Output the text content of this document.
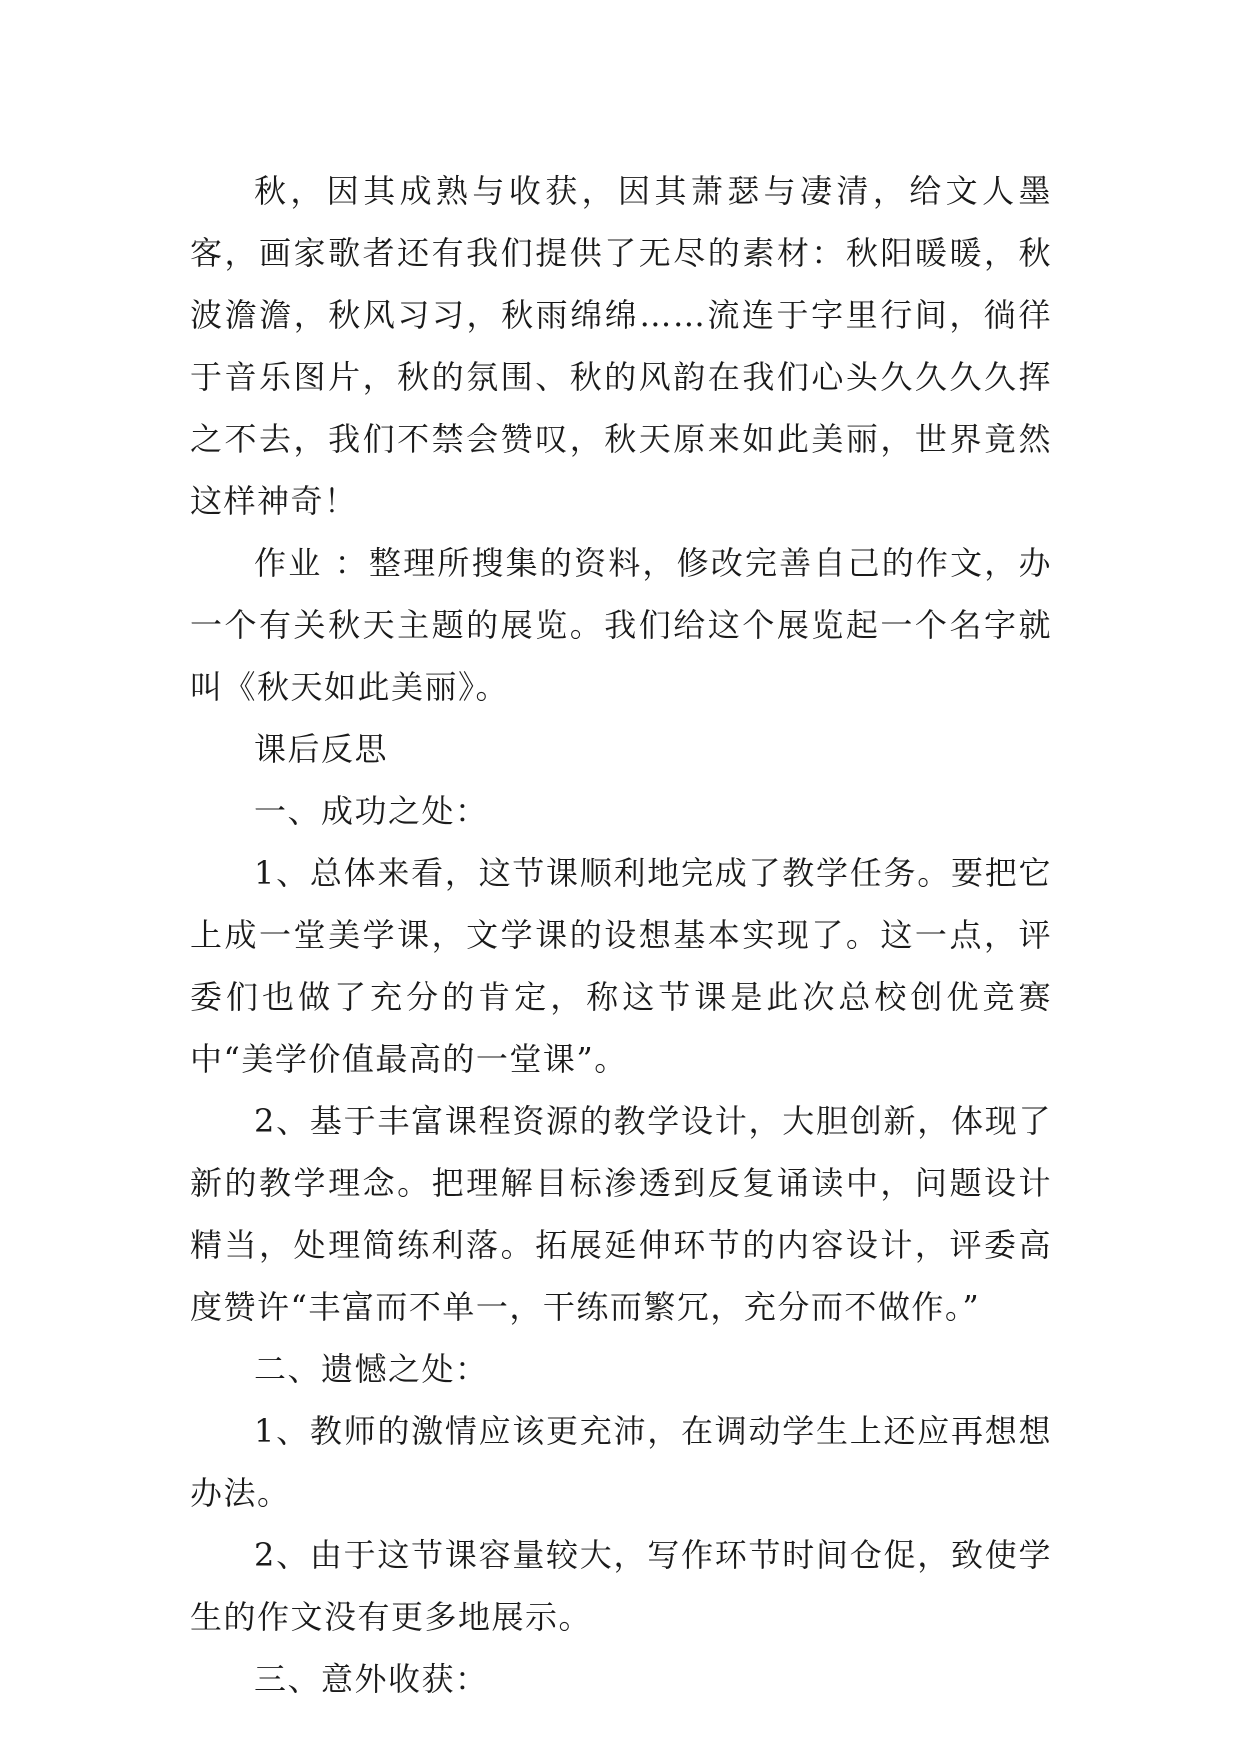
秋，因其成熟与收获，因其萧瑟与凄清，给文人墨客，画家歌者还有我们提供了无尽的素材：秋阳暖暖，秋波澹澹，秋风习习，秋雨绵绵……流连于字里行间，徜徉于音乐图片，秋的氛围、秋的风韵在我们心头久久久久挥之不去，我们不禁会赞叹，秋天原来如此美丽，世界竟然这样神奇！

作业 ：整理所搜集的资料，修改完善自己的作文，办一个有关秋天主题的展览。我们给这个展览起一个名字就叫《秋天如此美丽》。

课后反思

一、成功之处：

1、总体来看，这节课顺利地完成了教学任务。要把它上成一堂美学课，文学课的设想基本实现了。这一点，评委们也做了充分的肯定，称这节课是此次总校创优竞赛中“美学价值最高的一堂课”。

2、基于丰富课程资源的教学设计，大胆创新，体现了新的教学理念。把理解目标渗透到反复诵读中，问题设计精当，处理简练利落。拓展延伸环节的内容设计，评委高度赞许“丰富而不单一，干练而繁冗，充分而不做作。”

二、遗憾之处：

1、教师的激情应该更充沛，在调动学生上还应再想想办法。

2、由于这节课容量较大，写作环节时间仓促，致使学生的作文没有更多地展示。

三、意外收获：
